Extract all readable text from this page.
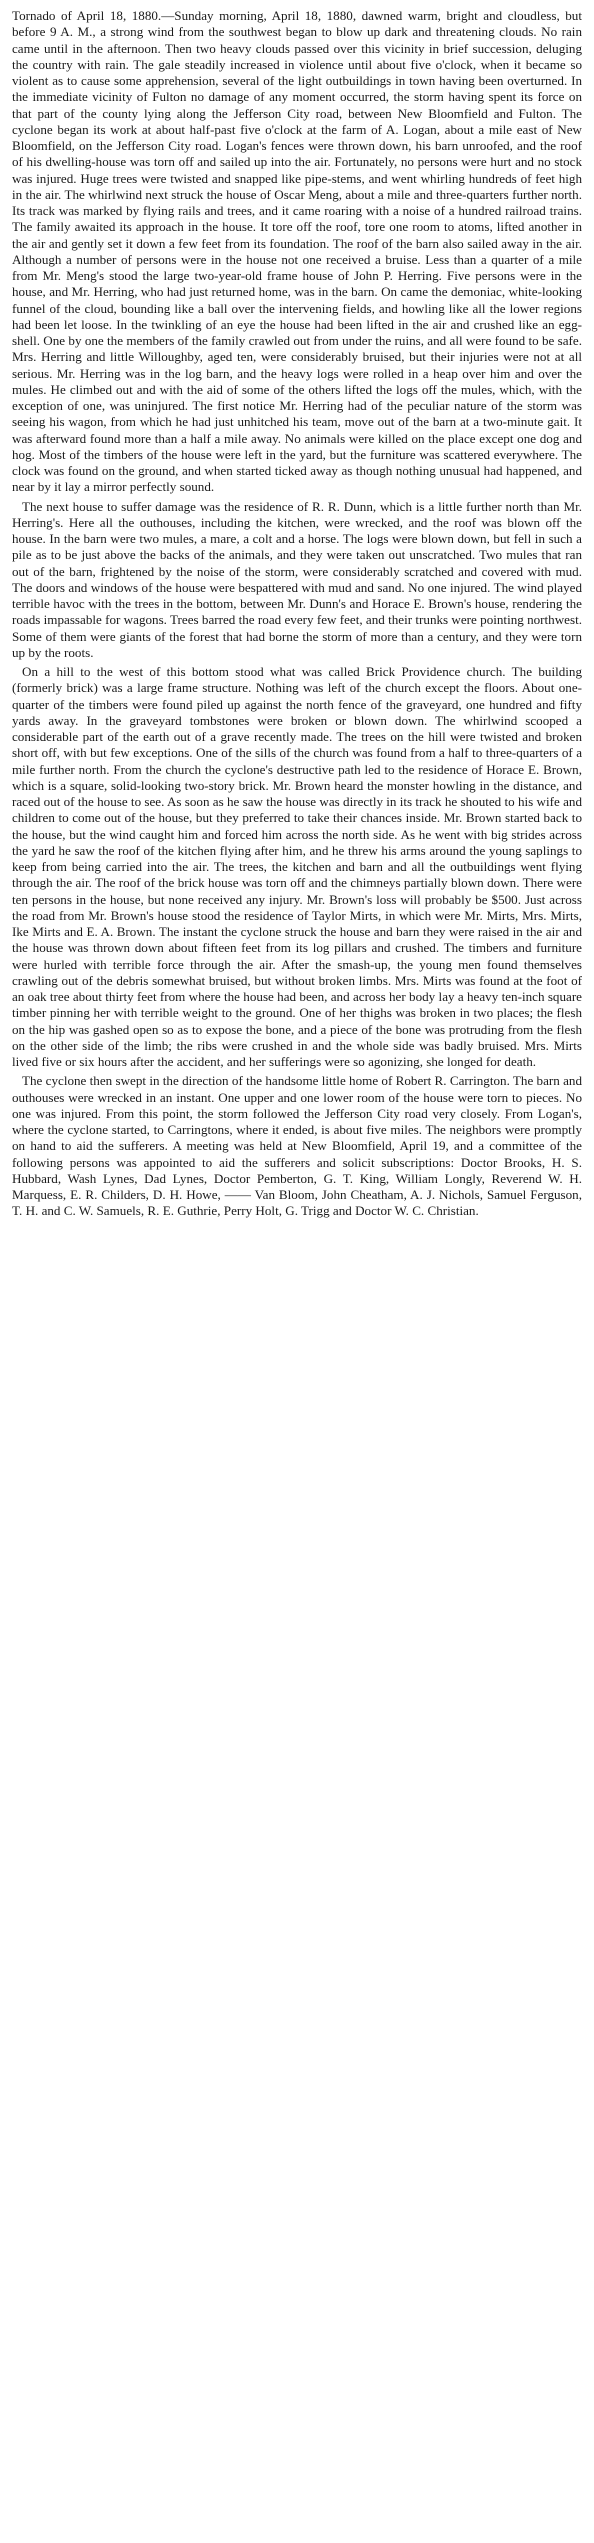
Tornado of April 18, 1880.—Sunday morning, April 18, 1880, dawned warm, bright and cloudless, but before 9 A. M., a strong wind from the southwest began to blow up dark and threatening clouds. No rain came until in the afternoon. Then two heavy clouds passed over this vicinity in brief succession, deluging the country with rain. The gale steadily increased in violence until about five o'clock, when it became so violent as to cause some apprehension, several of the light outbuildings in town having been overturned. In the immediate vicinity of Fulton no damage of any moment occurred, the storm having spent its force on that part of the county lying along the Jefferson City road, between New Bloomfield and Fulton. The cyclone began its work at about half-past five o'clock at the farm of A. Logan, about a mile east of New Bloomfield, on the Jefferson City road. Logan's fences were thrown down, his barn unroofed, and the roof of his dwelling-house was torn off and sailed up into the air. Fortunately, no persons were hurt and no stock was injured. Huge trees were twisted and snapped like pipe-stems, and went whirling hundreds of feet high in the air. The whirlwind next struck the house of Oscar Meng, about a mile and three-quarters further north. Its track was marked by flying rails and trees, and it came roaring with a noise of a hundred railroad trains. The family awaited its approach in the house. It tore off the roof, tore one room to atoms, lifted another in the air and gently set it down a few feet from its foundation. The roof of the barn also sailed away in the air. Although a number of persons were in the house not one received a bruise. Less than a quarter of a mile from Mr. Meng's stood the large two-year-old frame house of John P. Herring. Five persons were in the house, and Mr. Herring, who had just returned home, was in the barn. On came the demoniac, white-looking funnel of the cloud, bounding like a ball over the intervening fields, and howling like all the lower regions had been let loose. In the twinkling of an eye the house had been lifted in the air and crushed like an egg-shell. One by one the members of the family crawled out from under the ruins, and all were found to be safe. Mrs. Herring and little Willoughby, aged ten, were considerably bruised, but their injuries were not at all serious. Mr. Herring was in the log barn, and the heavy logs were rolled in a heap over him and over the mules. He climbed out and with the aid of some of the others lifted the logs off the mules, which, with the exception of one, was uninjured. The first notice Mr. Herring had of the peculiar nature of the storm was seeing his wagon, from which he had just unhitched his team, move out of the barn at a two-minute gait. It was afterward found more than a half a mile away. No animals were killed on the place except one dog and hog. Most of the timbers of the house were left in the yard, but the furniture was scattered everywhere. The clock was found on the ground, and when started ticked away as though nothing unusual had happened, and near by it lay a mirror perfectly sound.

The next house to suffer damage was the residence of R. R. Dunn, which is a little further north than Mr. Herring's. Here all the outhouses, including the kitchen, were wrecked, and the roof was blown off the house. In the barn were two mules, a mare, a colt and a horse. The logs were blown down, but fell in such a pile as to be just above the backs of the animals, and they were taken out unscratched. Two mules that ran out of the barn, frightened by the noise of the storm, were considerably scratched and covered with mud. The doors and windows of the house were bespattered with mud and sand. No one injured. The wind played terrible havoc with the trees in the bottom, between Mr. Dunn's and Horace E. Brown's house, rendering the roads impassable for wagons. Trees barred the road every few feet, and their trunks were pointing northwest. Some of them were giants of the forest that had borne the storm of more than a century, and they were torn up by the roots.

On a hill to the west of this bottom stood what was called Brick Providence church. The building (formerly brick) was a large frame structure. Nothing was left of the church except the floors. About one-quarter of the timbers were found piled up against the north fence of the graveyard, one hundred and fifty yards away. In the graveyard tombstones were broken or blown down. The whirlwind scooped a considerable part of the earth out of a grave recently made. The trees on the hill were twisted and broken short off, with but few exceptions. One of the sills of the church was found from a half to three-quarters of a mile further north. From the church the cyclone's destructive path led to the residence of Horace E. Brown, which is a square, solid-looking two-story brick. Mr. Brown heard the monster howling in the distance, and raced out of the house to see. As soon as he saw the house was directly in its track he shouted to his wife and children to come out of the house, but they preferred to take their chances inside. Mr. Brown started back to the house, but the wind caught him and forced him across the north side. As he went with big strides across the yard he saw the roof of the kitchen flying after him, and he threw his arms around the young saplings to keep from being carried into the air. The trees, the kitchen and barn and all the outbuildings went flying through the air. The roof of the brick house was torn off and the chimneys partially blown down. There were ten persons in the house, but none received any injury. Mr. Brown's loss will probably be $500. Just across the road from Mr. Brown's house stood the residence of Taylor Mirts, in which were Mr. Mirts, Mrs. Mirts, Ike Mirts and E. A. Brown. The instant the cyclone struck the house and barn they were raised in the air and the house was thrown down about fifteen feet from its log pillars and crushed. The timbers and furniture were hurled with terrible force through the air. After the smash-up, the young men found themselves crawling out of the debris somewhat bruised, but without broken limbs. Mrs. Mirts was found at the foot of an oak tree about thirty feet from where the house had been, and across her body lay a heavy ten-inch square timber pinning her with terrible weight to the ground. One of her thighs was broken in two places; the flesh on the hip was gashed open so as to expose the bone, and a piece of the bone was protruding from the flesh on the other side of the limb; the ribs were crushed in and the whole side was badly bruised. Mrs. Mirts lived five or six hours after the accident, and her sufferings were so agonizing, she longed for death.

The cyclone then swept in the direction of the handsome little home of Robert R. Carrington. The barn and outhouses were wrecked in an instant. One upper and one lower room of the house were torn to pieces. No one was injured. From this point, the storm followed the Jefferson City road very closely. From Logan's, where the cyclone started, to Carringtons, where it ended, is about five miles. The neighbors were promptly on hand to aid the sufferers. A meeting was held at New Bloomfield, April 19, and a committee of the following persons was appointed to aid the sufferers and solicit subscriptions: Doctor Brooks, H. S. Hubbard, Wash Lynes, Dad Lynes, Doctor Pemberton, G. T. King, William Longly, Reverend W. H. Marquess, E. R. Childers, D. H. Howe, —— Van Bloom, John Cheatham, A. J. Nichols, Samuel Ferguson, T. H. and C. W. Samuels, R. E. Guthrie, Perry Holt, G. Trigg and Doctor W. C. Christian.
